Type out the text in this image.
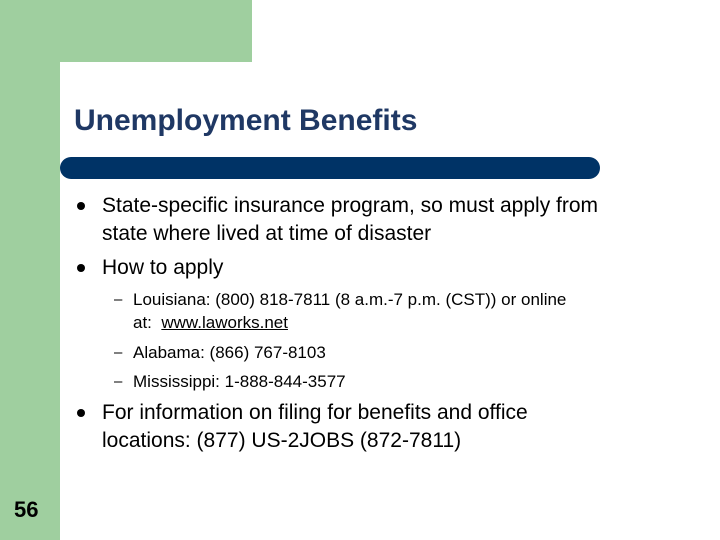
Unemployment Benefits

State-specific insurance program, so must apply from

state where lived at time of disaster

How to apply

– Louisiana: (800) 818-7811 (8 a.m.-7 p.m. (CST)) or online

at:  www.laworks.net

– Alabama: (866) 767-8103

– Mississippi: 1-888-844-3577

For information on filing for benefits and office

locations: (877) US-2JOBS (872-7811)

56
